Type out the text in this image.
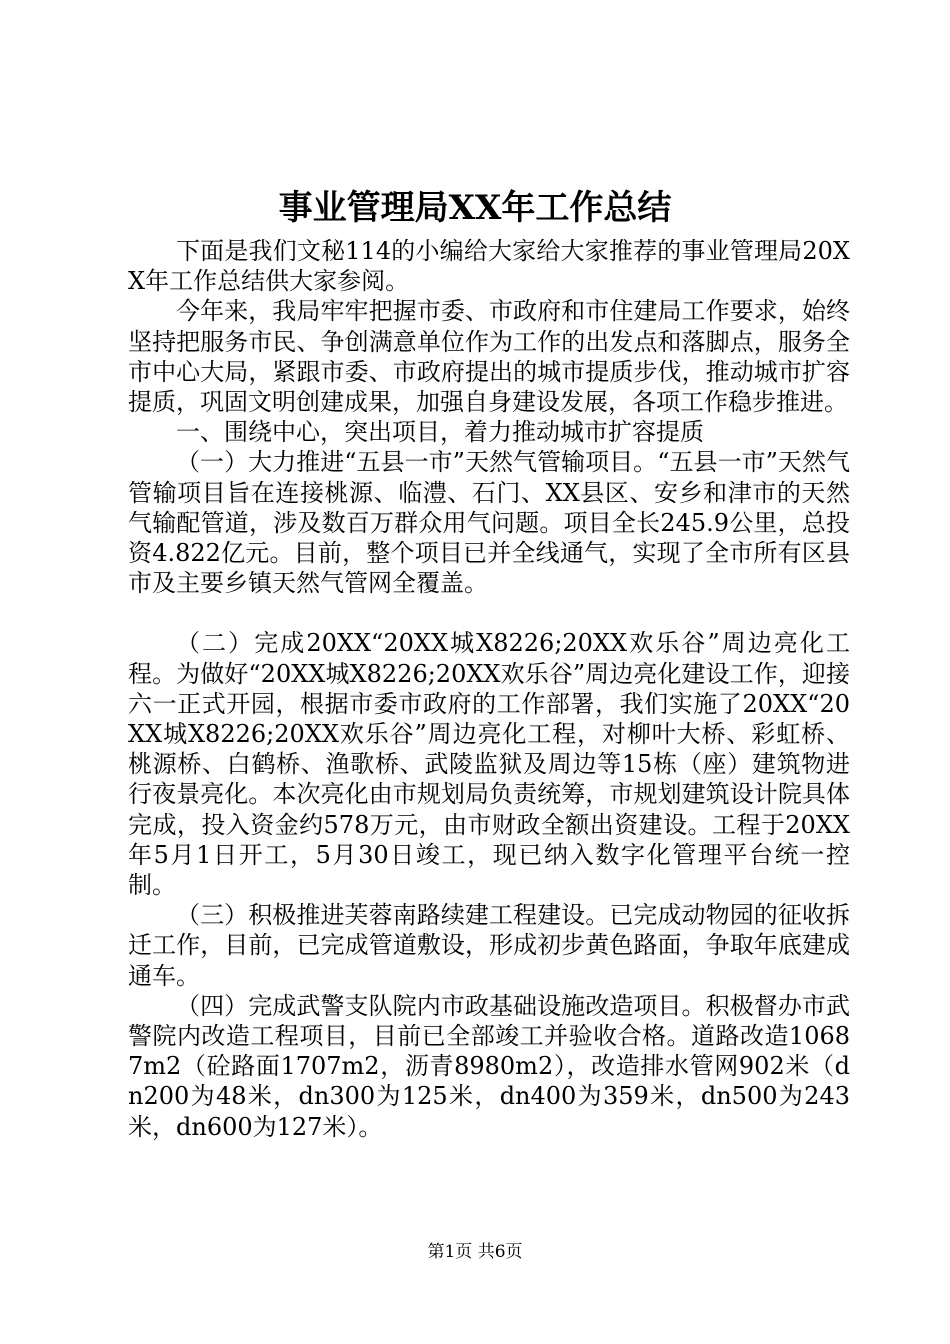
事业管理局XX年工作总结

下面是我们文秘114的小编给大家给大家推荐的事业管理局20XX年工作总结供大家参阅。

今年来，我局牢牢把握市委、市政府和市住建局工作要求，始终坚持把服务市民、争创满意单位作为工作的出发点和落脚点，服务全市中心大局，紧跟市委、市政府提出的城市提质步伐，推动城市扩容提质，巩固文明创建成果，加强自身建设发展，各项工作稳步推进。

一、围绕中心，突出项目，着力推动城市扩容提质

（一）大力推进“五县一市”天然气管输项目。“五县一市”天然气管输项目旨在连接桃源、临澧、石门、XX县区、安乡和津市的天然气输配管道，涉及数百万群众用气问题。项目全长245.9公里，总投资4.822亿元。目前，整个项目已并全线通气，实现了全市所有区县市及主要乡镇天然气管网全覆盖。

（二）完成20XX“20XX城X8226;20XX欢乐谷”周边亮化工程。为做好“20XX城X8226;20XX欢乐谷”周边亮化建设工作，迎接六一正式开园，根据市委市政府的工作部署，我们实施了20XX“20XX城X8226;20XX欢乐谷”周边亮化工程，对柳叶大桥、彩虹桥、桃源桥、白鹤桥、渔歌桥、武陵监狱及周边等15栋（座）建筑物进行夜景亮化。本次亮化由市规划局负责统筹，市规划建筑设计院具体完成，投入资金约578万元，由市财政全额出资建设。工程于20XX年5月1日开工，5月30日竣工，现已纳入数字化管理平台统一控制。

（三）积极推进芙蓉南路续建工程建设。已完成动物园的征收拆迁工作，目前，已完成管道敷设，形成初步黄色路面，争取年底建成通车。

（四）完成武警支队院内市政基础设施改造项目。积极督办市武警院内改造工程项目，目前已全部竣工并验收合格。道路改造10687m2（砼路面1707m2，沥青8980m2），改造排水管网902米（dn200为48米，dn300为125米，dn400为359米，dn500为243米，dn600为127米）。

第1页 共6页
